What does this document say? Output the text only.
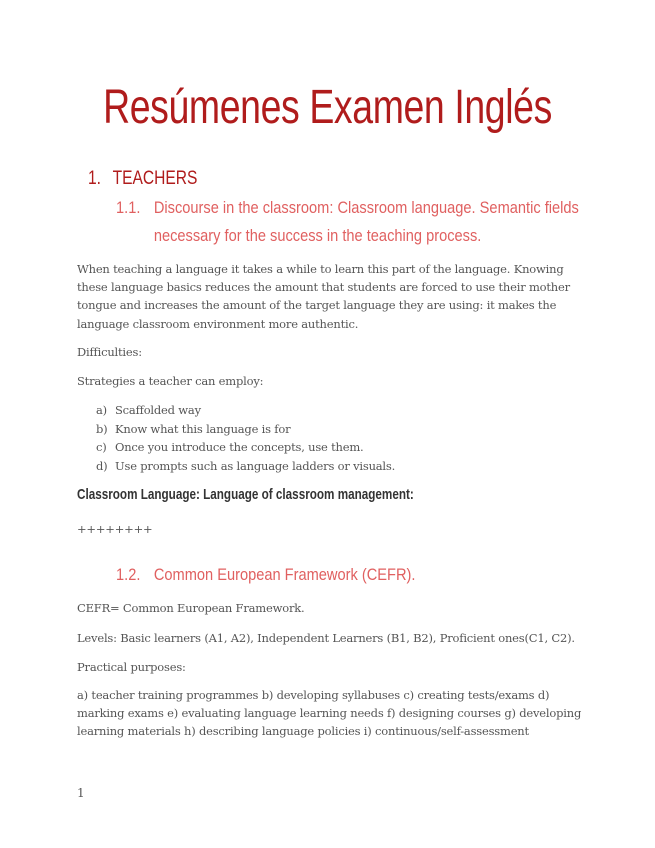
Resúmenes Examen Inglés
1. TEACHERS
1.1. Discourse in the classroom: Classroom language. Semantic fields
necessary for the success in the teaching process.
When teaching a language it takes a while to learn this part of the language. Knowing these language basics reduces the amount that students are forced to use their mother tongue and increases the amount of the target language they are using: it makes the language classroom environment more authentic.
Difficulties:
Strategies a teacher can employ:
a) Scaffolded way
b) Know what this language is for
c) Once you introduce the concepts, use them.
d) Use prompts such as language ladders or visuals.
Classroom Language: Language of classroom management:
++++++++
1.2. Common European Framework (CEFR).
CEFR= Common European Framework.
Levels: Basic learners (A1, A2), Independent Learners (B1, B2), Proficient ones(C1, C2).
Practical purposes:
a) teacher training programmes b) developing syllabuses c) creating tests/exams d) marking exams e) evaluating language learning needs f) designing courses g) developing learning materials h) describing language policies i) continuous/self-assessment
1
